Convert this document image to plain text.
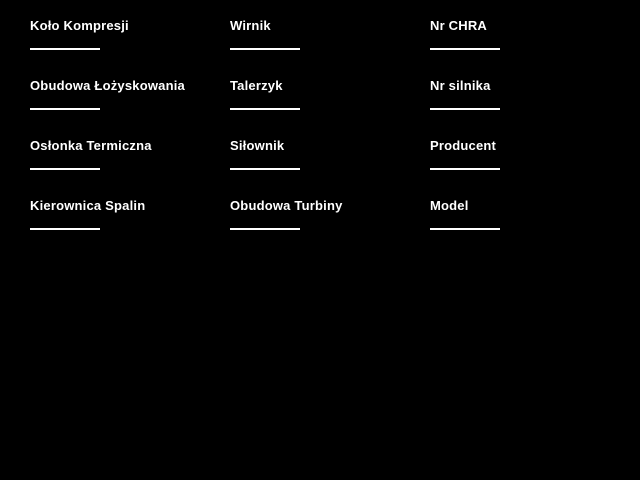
Koło Kompresji
Obudowa Łożyskowania
Osłonka Termiczna
Kierownica Spalin
Wirnik
Talerzyk
Siłownik
Obudowa Turbiny
Nr CHRA
Nr silnika
Producent
Model
